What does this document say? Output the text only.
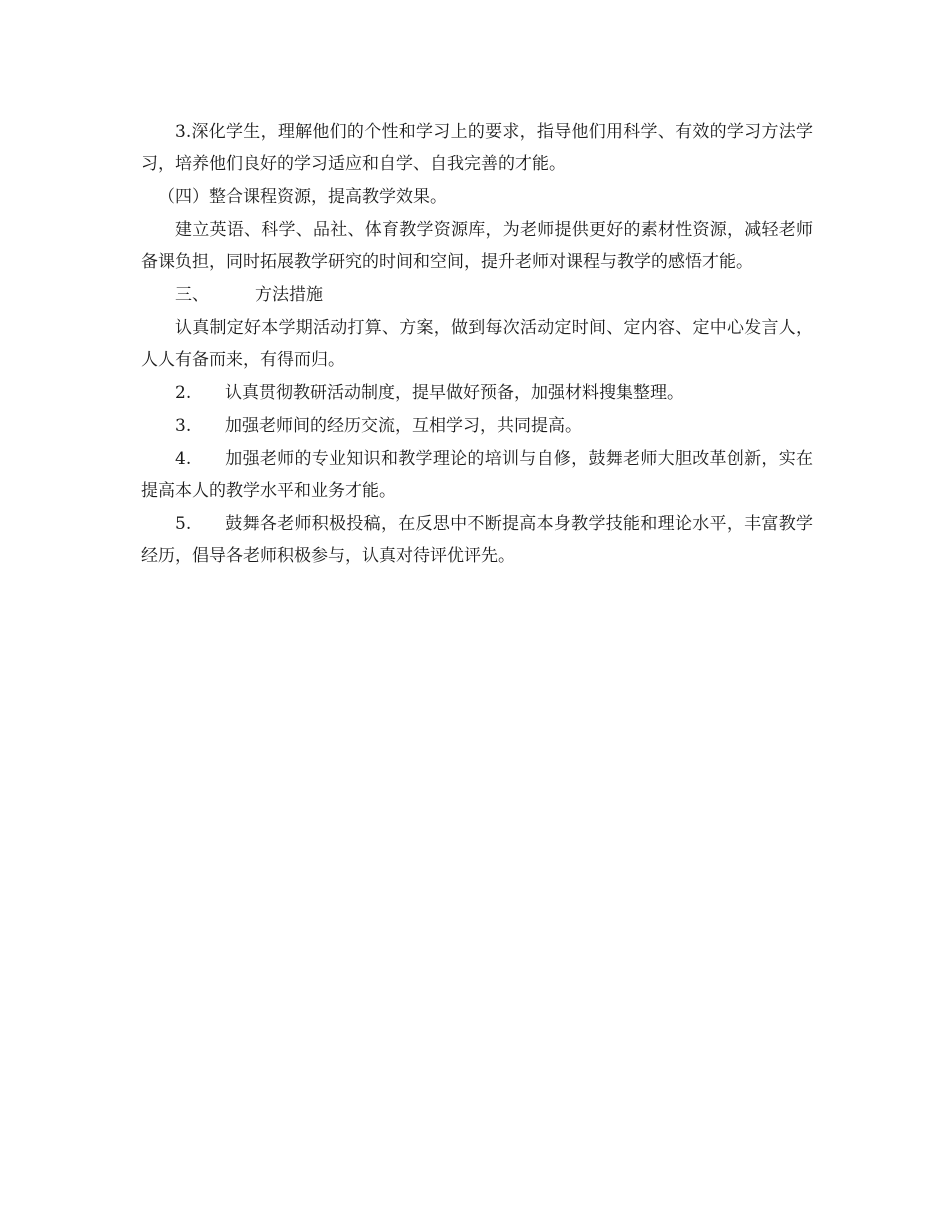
3.深化学生，理解他们的个性和学习上的要求，指导他们用科学、有效的学习方法学习，培养他们良好的学习适应和自学、自我完善的才能。

（四）整合课程资源，提高教学效果。

建立英语、科学、品社、体育教学资源库，为老师提供更好的素材性资源，减轻老师备课负担，同时拓展教学研究的时间和空间，提升老师对课程与教学的感悟才能。

三、	方法措施

认真制定好本学期活动打算、方案，做到每次活动定时间、定内容、定中心发言人，人人有备而来，有得而归。

2. 认真贯彻教研活动制度，提早做好预备，加强材料搜集整理。

3. 加强老师间的经历交流，互相学习，共同提高。

4. 加强老师的专业知识和教学理论的培训与自修，鼓舞老师大胆改革创新，实在提高本人的教学水平和业务才能。

5. 鼓舞各老师积极投稿，在反思中不断提高本身教学技能和理论水平，丰富教学经历，倡导各老师积极参与，认真对待评优评先。
